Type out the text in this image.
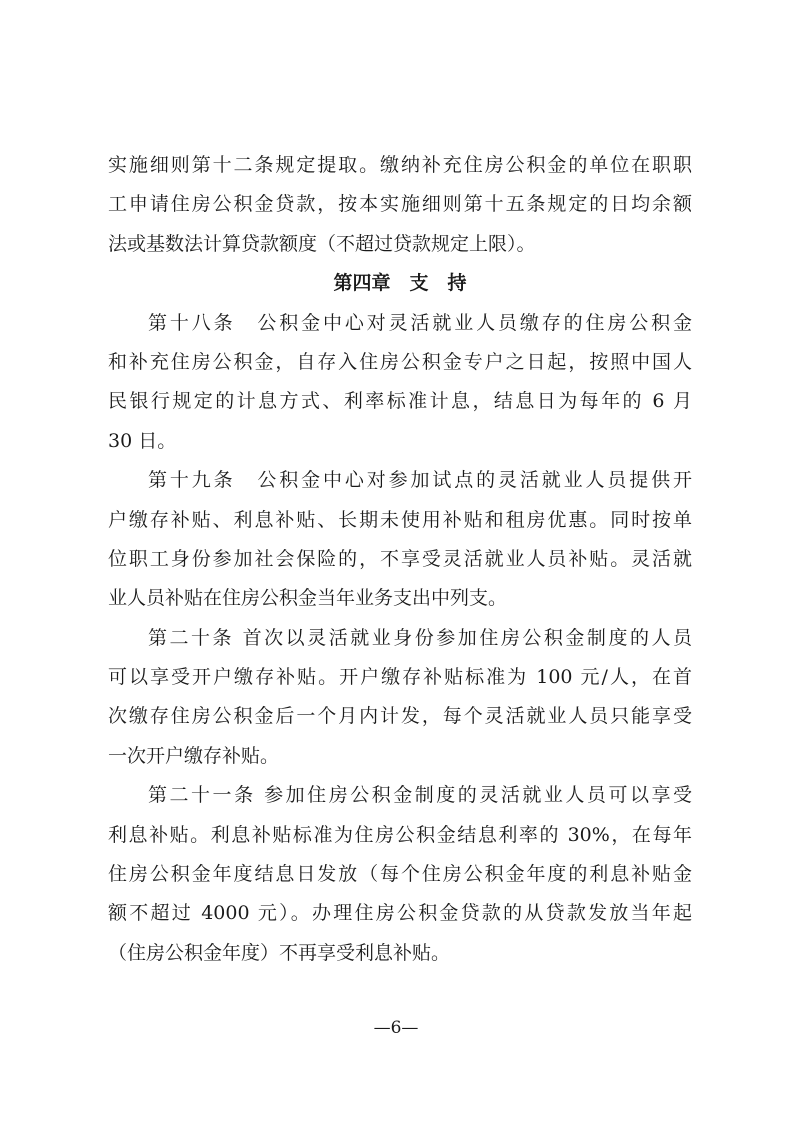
实施细则第十二条规定提取。缴纳补充住房公积金的单位在职职
工申请住房公积金贷款，按本实施细则第十五条规定的日均余额
法或基数法计算贷款额度（不超过贷款规定上限）。
第四章　支　持
第十八条　公积金中心对灵活就业人员缴存的住房公积金
和补充住房公积金，自存入住房公积金专户之日起，按照中国人
民银行规定的计息方式、利率标准计息，结息日为每年的 6 月
30 日。
第十九条　公积金中心对参加试点的灵活就业人员提供开
户缴存补贴、利息补贴、长期未使用补贴和租房优惠。同时按单
位职工身份参加社会保险的，不享受灵活就业人员补贴。灵活就
业人员补贴在住房公积金当年业务支出中列支。
第二十条 首次以灵活就业身份参加住房公积金制度的人员
可以享受开户缴存补贴。开户缴存补贴标准为 100 元/人，在首
次缴存住房公积金后一个月内计发，每个灵活就业人员只能享受
一次开户缴存补贴。
第二十一条 参加住房公积金制度的灵活就业人员可以享受
利息补贴。利息补贴标准为住房公积金结息利率的 30%，在每年
住房公积金年度结息日发放（每个住房公积金年度的利息补贴金
额不超过 4000 元）。办理住房公积金贷款的从贷款发放当年起
（住房公积金年度）不再享受利息补贴。
—6—
